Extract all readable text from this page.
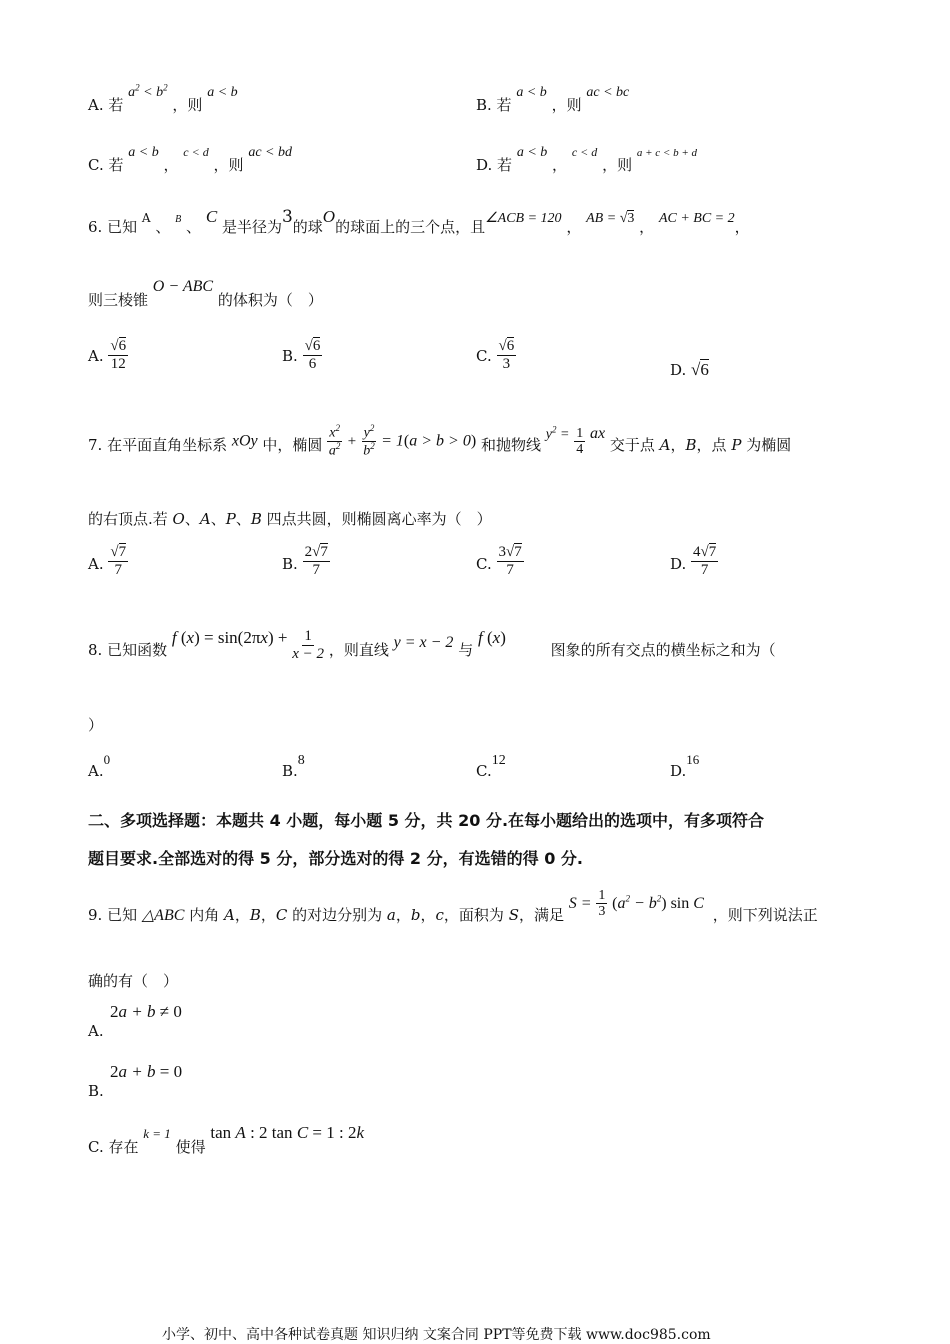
A. 若 $a^2 < b^2$ ，则 a < b
B. 若 a < b ，则 ac < bc
C. 若 a < b ， c < d ，则 ac < bd
D. 若 a < b ， c < d ，则 a + c < b + d
6. 已知 A 、 B 、 C 是半径为3的球O的球面上的三个点，且∠ACB = 120 ， AB = √3 ， AC + BC = 2，
则三棱锥 O − ABC 的体积为（　）
A. $\frac{√6}{12}$	B. $\frac{√6}{6}$	C. $\frac{√6}{3}$	D. √6
7. 在平面直角坐标系 xOy 中，椭圆 $\frac{x^2}{a^2} + \frac{y^2}{b^2} = 1(a > b > 0)$ 和抛物线 $y^2 = \frac{1}{4}$ ax 交于点 A，B，点 P 为椭圆
的右顶点.若 O、A、P、B 四点共圆，则椭圆离心率为（　）
A. $\frac{√7}{7}$	B. $\frac{2√7}{7}$	C. $\frac{3√7}{7}$	D. $\frac{4√7}{7}$
8. 已知函数 f $(x) = \sin(2\pi x) + \frac{1}{x - 2}$ ，则直线 y = x − 2 与 f (x) 图象的所有交点的横坐标之和为（
）
A.0
B.8
C.12
D.16
二、多项选择题：本题共 4 小题，每小题 5 分，共 20 分.在每小题给出的选项中，有多项符合
题目要求.全部选对的得 5 分，部分选对的得 2 分，有选错的得 0 分.
9. 已知 △ABC 内角 A，B，C 的对边分别为 a，b，c，面积为 S，满足 $S = \frac{1}{3} (a^2 - b^2)$ sin C ，则下列说法正
确的有（　）
2a + b ≠ 0
A.
2a + b = 0
B.
C. 存在 k = 1 使得 tan A : 2 tan C = 1 : 2k
小学、初中、高中各种试卷真题 知识归纳 文案合同 PPT等免费下载 www.doc985.com
